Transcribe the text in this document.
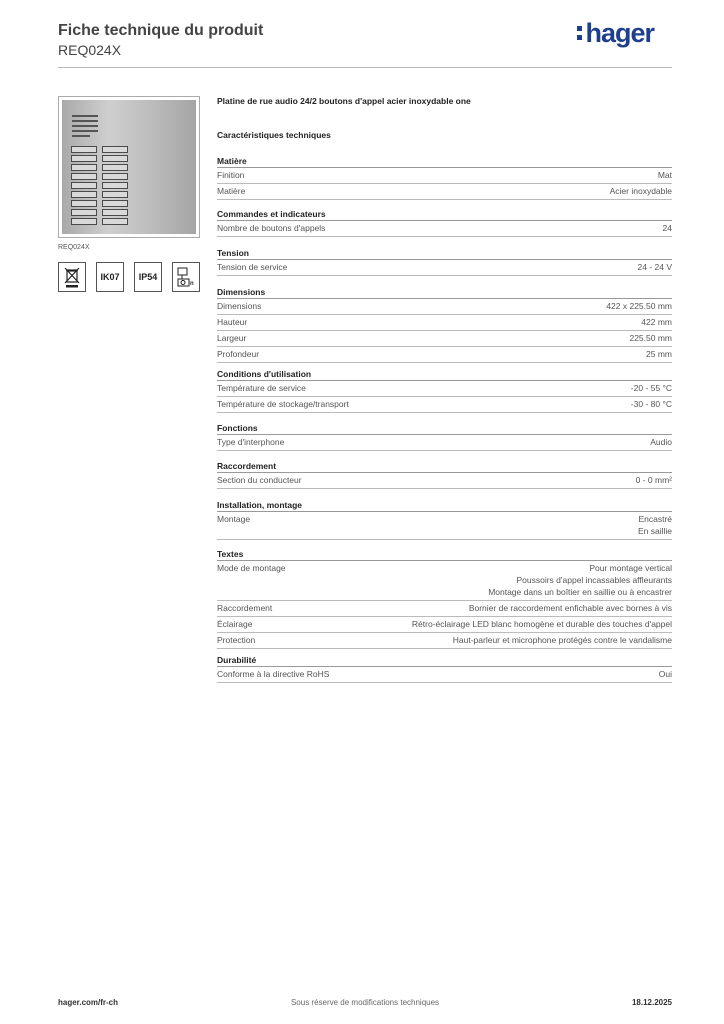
Fiche technique du produit
REQ024X
hager
REQ024X
IK07	IP54
n
Platine de rue audio 24/2 boutons d'appel acier inoxydable one
Caractéristiques techniques
Matière
Finition	Mat
Matière	Acier inoxydable
Commandes et indicateurs
Nombre de boutons d'appels	24
Tension
Tension de service	24 - 24 V
Dimensions
Dimensions	422 x 225.50 mm
Hauteur	422 mm
Largeur	225.50 mm
Profondeur	25 mm
Conditions d'utilisation
Température de service	-20 - 55 °C
Température de stockage/transport	-30 - 80 °C
Fonctions
Type d'interphone	Audio
Raccordement
Section du conducteur	0 - 0 mm²
Installation, montage
Montage	Encastré
En saillie
Textes
Mode de montage	Pour montage vertical
Poussoirs d'appel incassables affleurants
Montage dans un boîtier en saillie ou à encastrer
Raccordement	Bornier de raccordement enfichable avec bornes à vis
Éclairage	Rétro-éclairage LED blanc homogène et durable des touches d'appel
Protection	Haut-parleur et microphone protégés contre le vandalisme
Durabilité
Conforme à la directive RoHS	Oui
Sous réserve de modifications techniques
hager.com/fr-ch	18.12.2025
